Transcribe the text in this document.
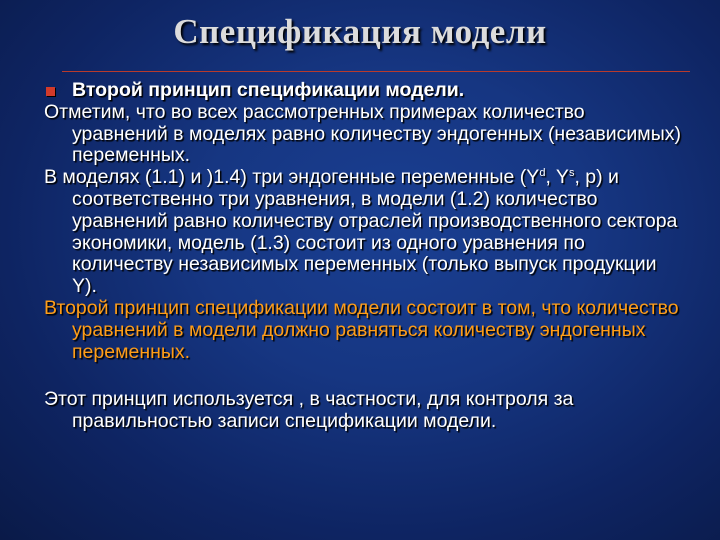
Спецификация модели
Второй принцип спецификации модели.
Отметим, что во всех рассмотренных примерах количество уравнений в моделях равно количеству эндогенных (независимых) переменных.
В моделях (1.1) и )1.4) три эндогенные переменные ($Y^d$, $Y^s$, p) и соответственно три уравнения, в модели (1.2) количество уравнений равно количеству отраслей производственного сектора экономики, модель (1.3) состоит из одного уравнения по количеству независимых переменных (только выпуск продукции Y).
Второй принцип спецификации модели состоит в том, что количество уравнений в модели должно равняться количеству эндогенных переменных.
Этот принцип используется , в частности, для контроля за правильностью записи спецификации модели.
